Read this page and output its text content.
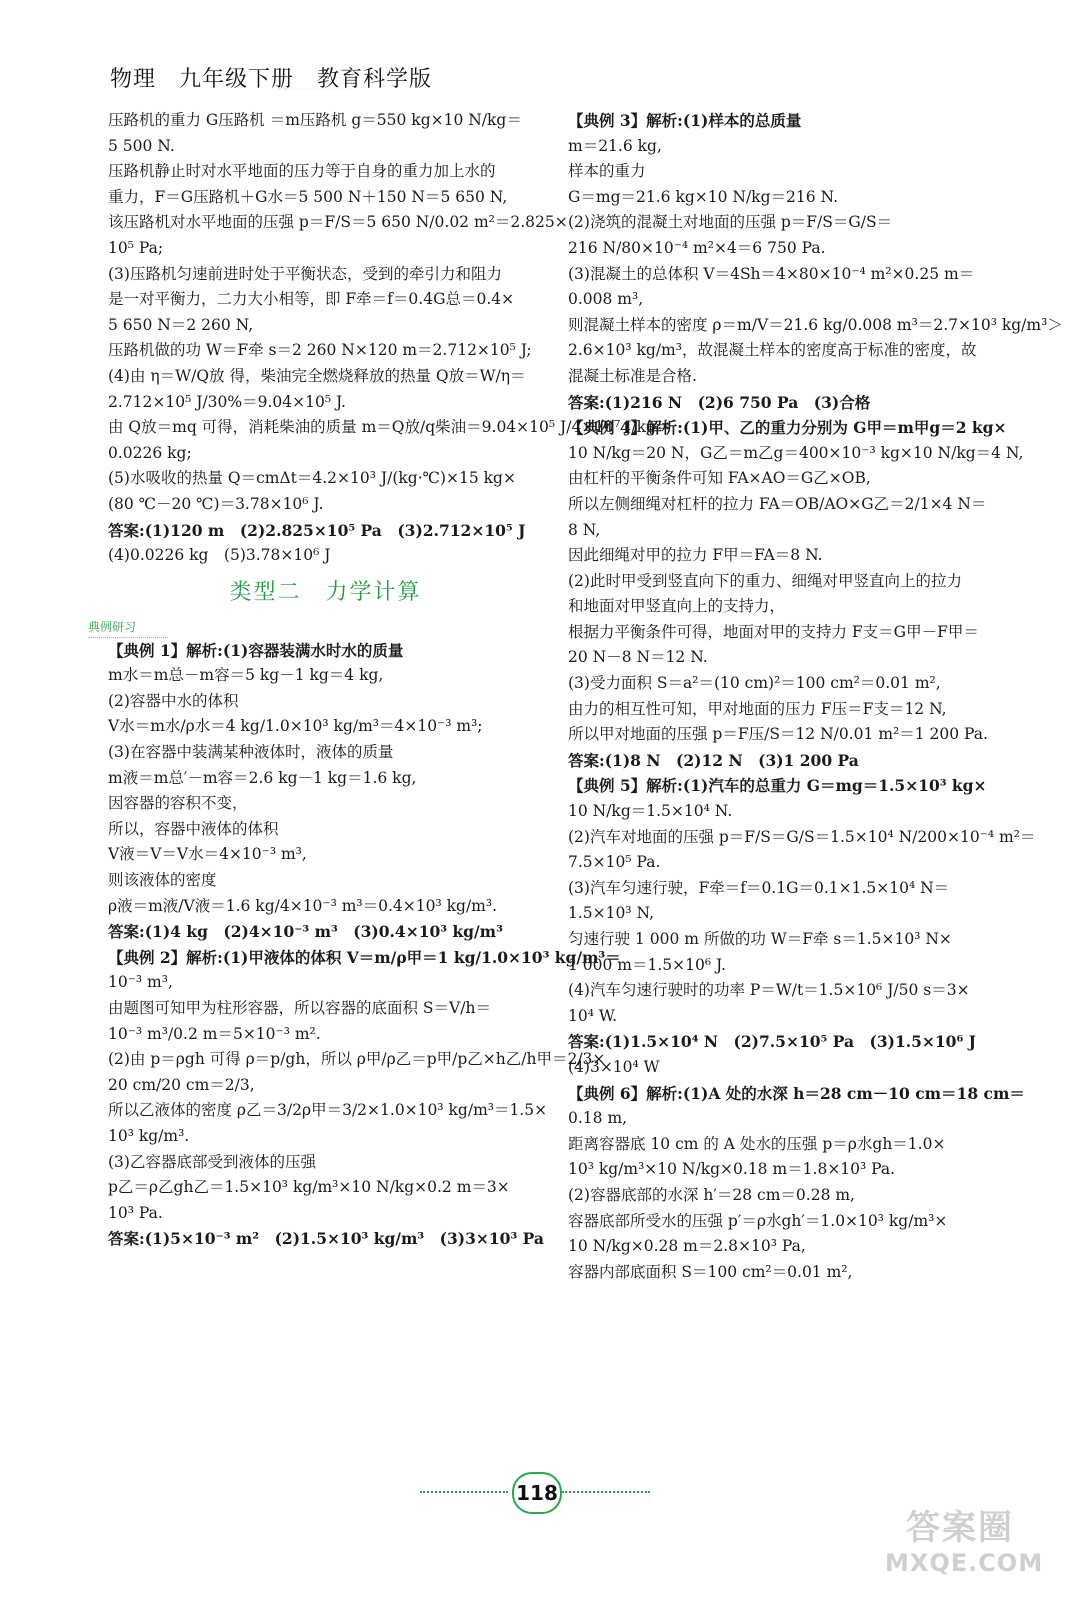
物理　九年级下册　教育科学版
压路机的重力 G压路机 ＝m压路机 g＝550 kg×10 N/kg＝
5 500 N.
压路机静止时对水平地面的压力等于自身的重力加上水的
重力，F＝G压路机＋G水＝5 500 N＋150 N＝5 650 N,
该压路机对水平地面的压强 p＝F/S＝5 650 N/0.02 m²＝2.825×
10⁵ Pa;
(3)压路机匀速前进时处于平衡状态，受到的牵引力和阻力
是一对平衡力，二力大小相等，即 F牵＝f＝0.4G总＝0.4×
5 650 N＝2 260 N,
压路机做的功 W＝F牵 s＝2 260 N×120 m＝2.712×10⁵ J;
(4)由 η＝W/Q放 得，柴油完全燃烧释放的热量 Q放＝W/η＝
2.712×10⁵ J/30%＝9.04×10⁵ J.
由 Q放＝mq 可得，消耗柴油的质量 m＝Q放/q柴油＝9.04×10⁵ J/4×10⁷ J/kg＝
0.0226 kg;
(5)水吸收的热量 Q＝cmΔt＝4.2×10³ J/(kg·℃)×15 kg×
(80 ℃－20 ℃)＝3.78×10⁶ J.
答案:(1)120 m　(2)2.825×10⁵ Pa　(3)2.712×10⁵ J
(4)0.0226 kg　(5)3.78×10⁶ J
类型二　力学计算
典例研习
【典例 1】解析:(1)容器装满水时水的质量
m水＝m总－m容＝5 kg－1 kg＝4 kg,
(2)容器中水的体积
V水＝m水/ρ水＝4 kg/1.0×10³ kg/m³＝4×10⁻³ m³;
(3)在容器中装满某种液体时，液体的质量
m液＝m总′－m容＝2.6 kg－1 kg＝1.6 kg,
因容器的容积不变，
所以，容器中液体的体积
V液＝V＝V水＝4×10⁻³ m³,
则该液体的密度
ρ液＝m液/V液＝1.6 kg/4×10⁻³ m³＝0.4×10³ kg/m³.
答案:(1)4 kg　(2)4×10⁻³ m³　(3)0.4×10³ kg/m³
【典例 2】解析:(1)甲液体的体积 V＝m/ρ甲＝1 kg/1.0×10³ kg/m³＝
10⁻³ m³,
由题图可知甲为柱形容器，所以容器的底面积 S＝V/h＝
10⁻³ m³/0.2 m＝5×10⁻³ m².
(2)由 p＝ρgh 可得 ρ＝p/gh，所以 ρ甲/ρ乙＝p甲/p乙×h乙/h甲＝2/3×
20 cm/20 cm＝2/3,
所以乙液体的密度 ρ乙＝3/2ρ甲＝3/2×1.0×10³ kg/m³＝1.5×
10³ kg/m³.
(3)乙容器底部受到液体的压强
p乙＝ρ乙gh乙＝1.5×10³ kg/m³×10 N/kg×0.2 m＝3×
10³ Pa.
答案:(1)5×10⁻³ m²　(2)1.5×10³ kg/m³　(3)3×10³ Pa
【典例 3】解析:(1)样本的总质量
m＝21.6 kg,
样本的重力
G＝mg＝21.6 kg×10 N/kg＝216 N.
(2)浇筑的混凝土对地面的压强 p＝F/S＝G/S＝
216 N/80×10⁻⁴ m²×4＝6 750 Pa.
(3)混凝土的总体积 V＝4Sh＝4×80×10⁻⁴ m²×0.25 m＝
0.008 m³,
则混凝土样本的密度 ρ＝m/V＝21.6 kg/0.008 m³＝2.7×10³ kg/m³＞
2.6×10³ kg/m³，故混凝土样本的密度高于标准的密度，故
混凝土标准是合格.
答案:(1)216 N　(2)6 750 Pa　(3)合格
【典例 4】解析:(1)甲、乙的重力分别为 G甲＝m甲g＝2 kg×
10 N/kg＝20 N，G乙＝m乙g＝400×10⁻³ kg×10 N/kg＝4 N,
由杠杆的平衡条件可知 FA×AO＝G乙×OB,
所以左侧细绳对杠杆的拉力 FA＝OB/AO×G乙＝2/1×4 N＝
8 N,
因此细绳对甲的拉力 F甲＝FA＝8 N.
(2)此时甲受到竖直向下的重力、细绳对甲竖直向上的拉力
和地面对甲竖直向上的支持力，
根据力平衡条件可得，地面对甲的支持力 F支＝G甲－F甲＝
20 N－8 N＝12 N.
(3)受力面积 S＝a²＝(10 cm)²＝100 cm²＝0.01 m²,
由力的相互性可知，甲对地面的压力 F压＝F支＝12 N,
所以甲对地面的压强 p＝F压/S＝12 N/0.01 m²＝1 200 Pa.
答案:(1)8 N　(2)12 N　(3)1 200 Pa
【典例 5】解析:(1)汽车的总重力 G＝mg＝1.5×10³ kg×
10 N/kg＝1.5×10⁴ N.
(2)汽车对地面的压强 p＝F/S＝G/S＝1.5×10⁴ N/200×10⁻⁴ m²＝
7.5×10⁵ Pa.
(3)汽车匀速行驶，F牵＝f＝0.1G＝0.1×1.5×10⁴ N＝
1.5×10³ N,
匀速行驶 1 000 m 所做的功 W＝F牵 s＝1.5×10³ N×
1 000 m＝1.5×10⁶ J.
(4)汽车匀速行驶时的功率 P＝W/t＝1.5×10⁶ J/50 s＝3×
10⁴ W.
答案:(1)1.5×10⁴ N　(2)7.5×10⁵ Pa　(3)1.5×10⁶ J
(4)3×10⁴ W
【典例 6】解析:(1)A 处的水深 h＝28 cm－10 cm＝18 cm＝
0.18 m,
距离容器底 10 cm 的 A 处水的压强 p＝ρ水gh＝1.0×
10³ kg/m³×10 N/kg×0.18 m＝1.8×10³ Pa.
(2)容器底部的水深 h′＝28 cm＝0.28 m,
容器底部所受水的压强 p′＝ρ水gh′＝1.0×10³ kg/m³×
10 N/kg×0.28 m＝2.8×10³ Pa,
容器内部底面积 S＝100 cm²＝0.01 m²,
118
答案圈
MXQE.COM
